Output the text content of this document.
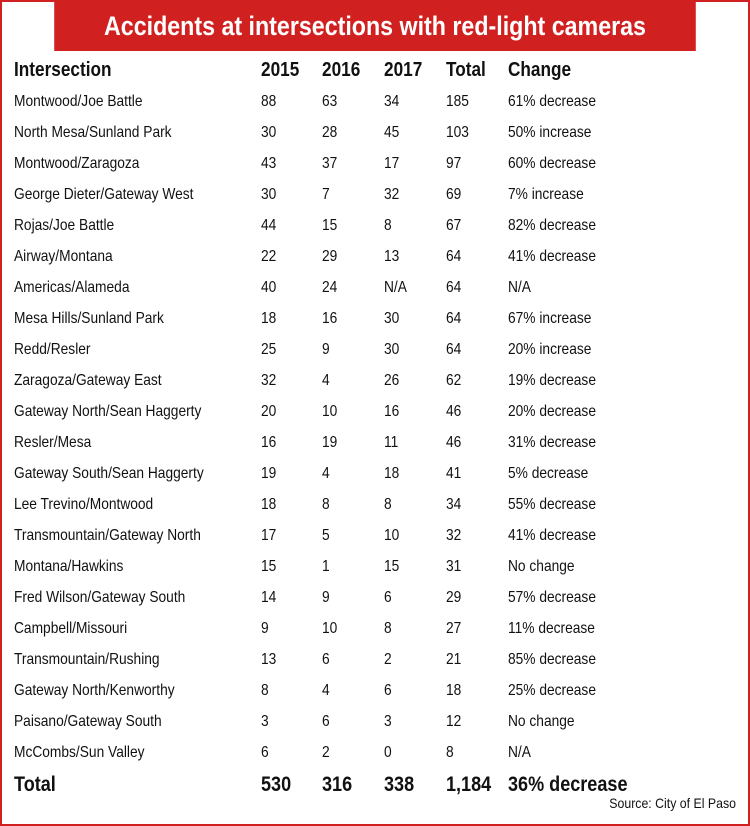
Accidents at intersections with red-light cameras
Intersection	2015 2016 2017 Total Change
Montwood/Joe Battle	88	63	34	185 61% decrease
North Mesa/Sunland Park	30	28	45	103 50% increase
Montwood/Zaragoza	43	37	17	97	60% decrease
George Dieter/Gateway West	30	7	32	69	7% increase
Rojas/Joe Battle	44	15	8	67	82% decrease
Airway/Montana	22	29	13	64	41% decrease
Americas/Alameda	40	24	N/A 64	N/A
Mesa Hills/Sunland Park	18	16	30	64	67% increase
Redd/Resler	25	9	30	64	20% increase
Zaragoza/Gateway East	32	4	26	62	19% decrease
Gateway North/Sean Haggerty	20	10	16	46	20% decrease
Resler/Mesa	16	19	11	46	31% decrease
Gateway South/Sean Haggerty	19	4	18	41	5% decrease
Lee Trevino/Montwood	18	8	8	34	55% decrease
Transmountain/Gateway North	17	5	10	32	41% decrease
Montana/Hawkins	15	1	15	31	No change
Fred Wilson/Gateway South	14	9	6	29	57% decrease
Campbell/Missouri	9	10	8	27	11% decrease
Transmountain/Rushing	13	6	2	21	85% decrease
Gateway North/Kenworthy	8	4	6	18	25% decrease
Paisano/Gateway South	3	6	3	12	No change
McCombs/Sun Valley	6	2	0	8	N/A
Total	530 316 338 1,184 36% decrease
Source: City of El Paso
